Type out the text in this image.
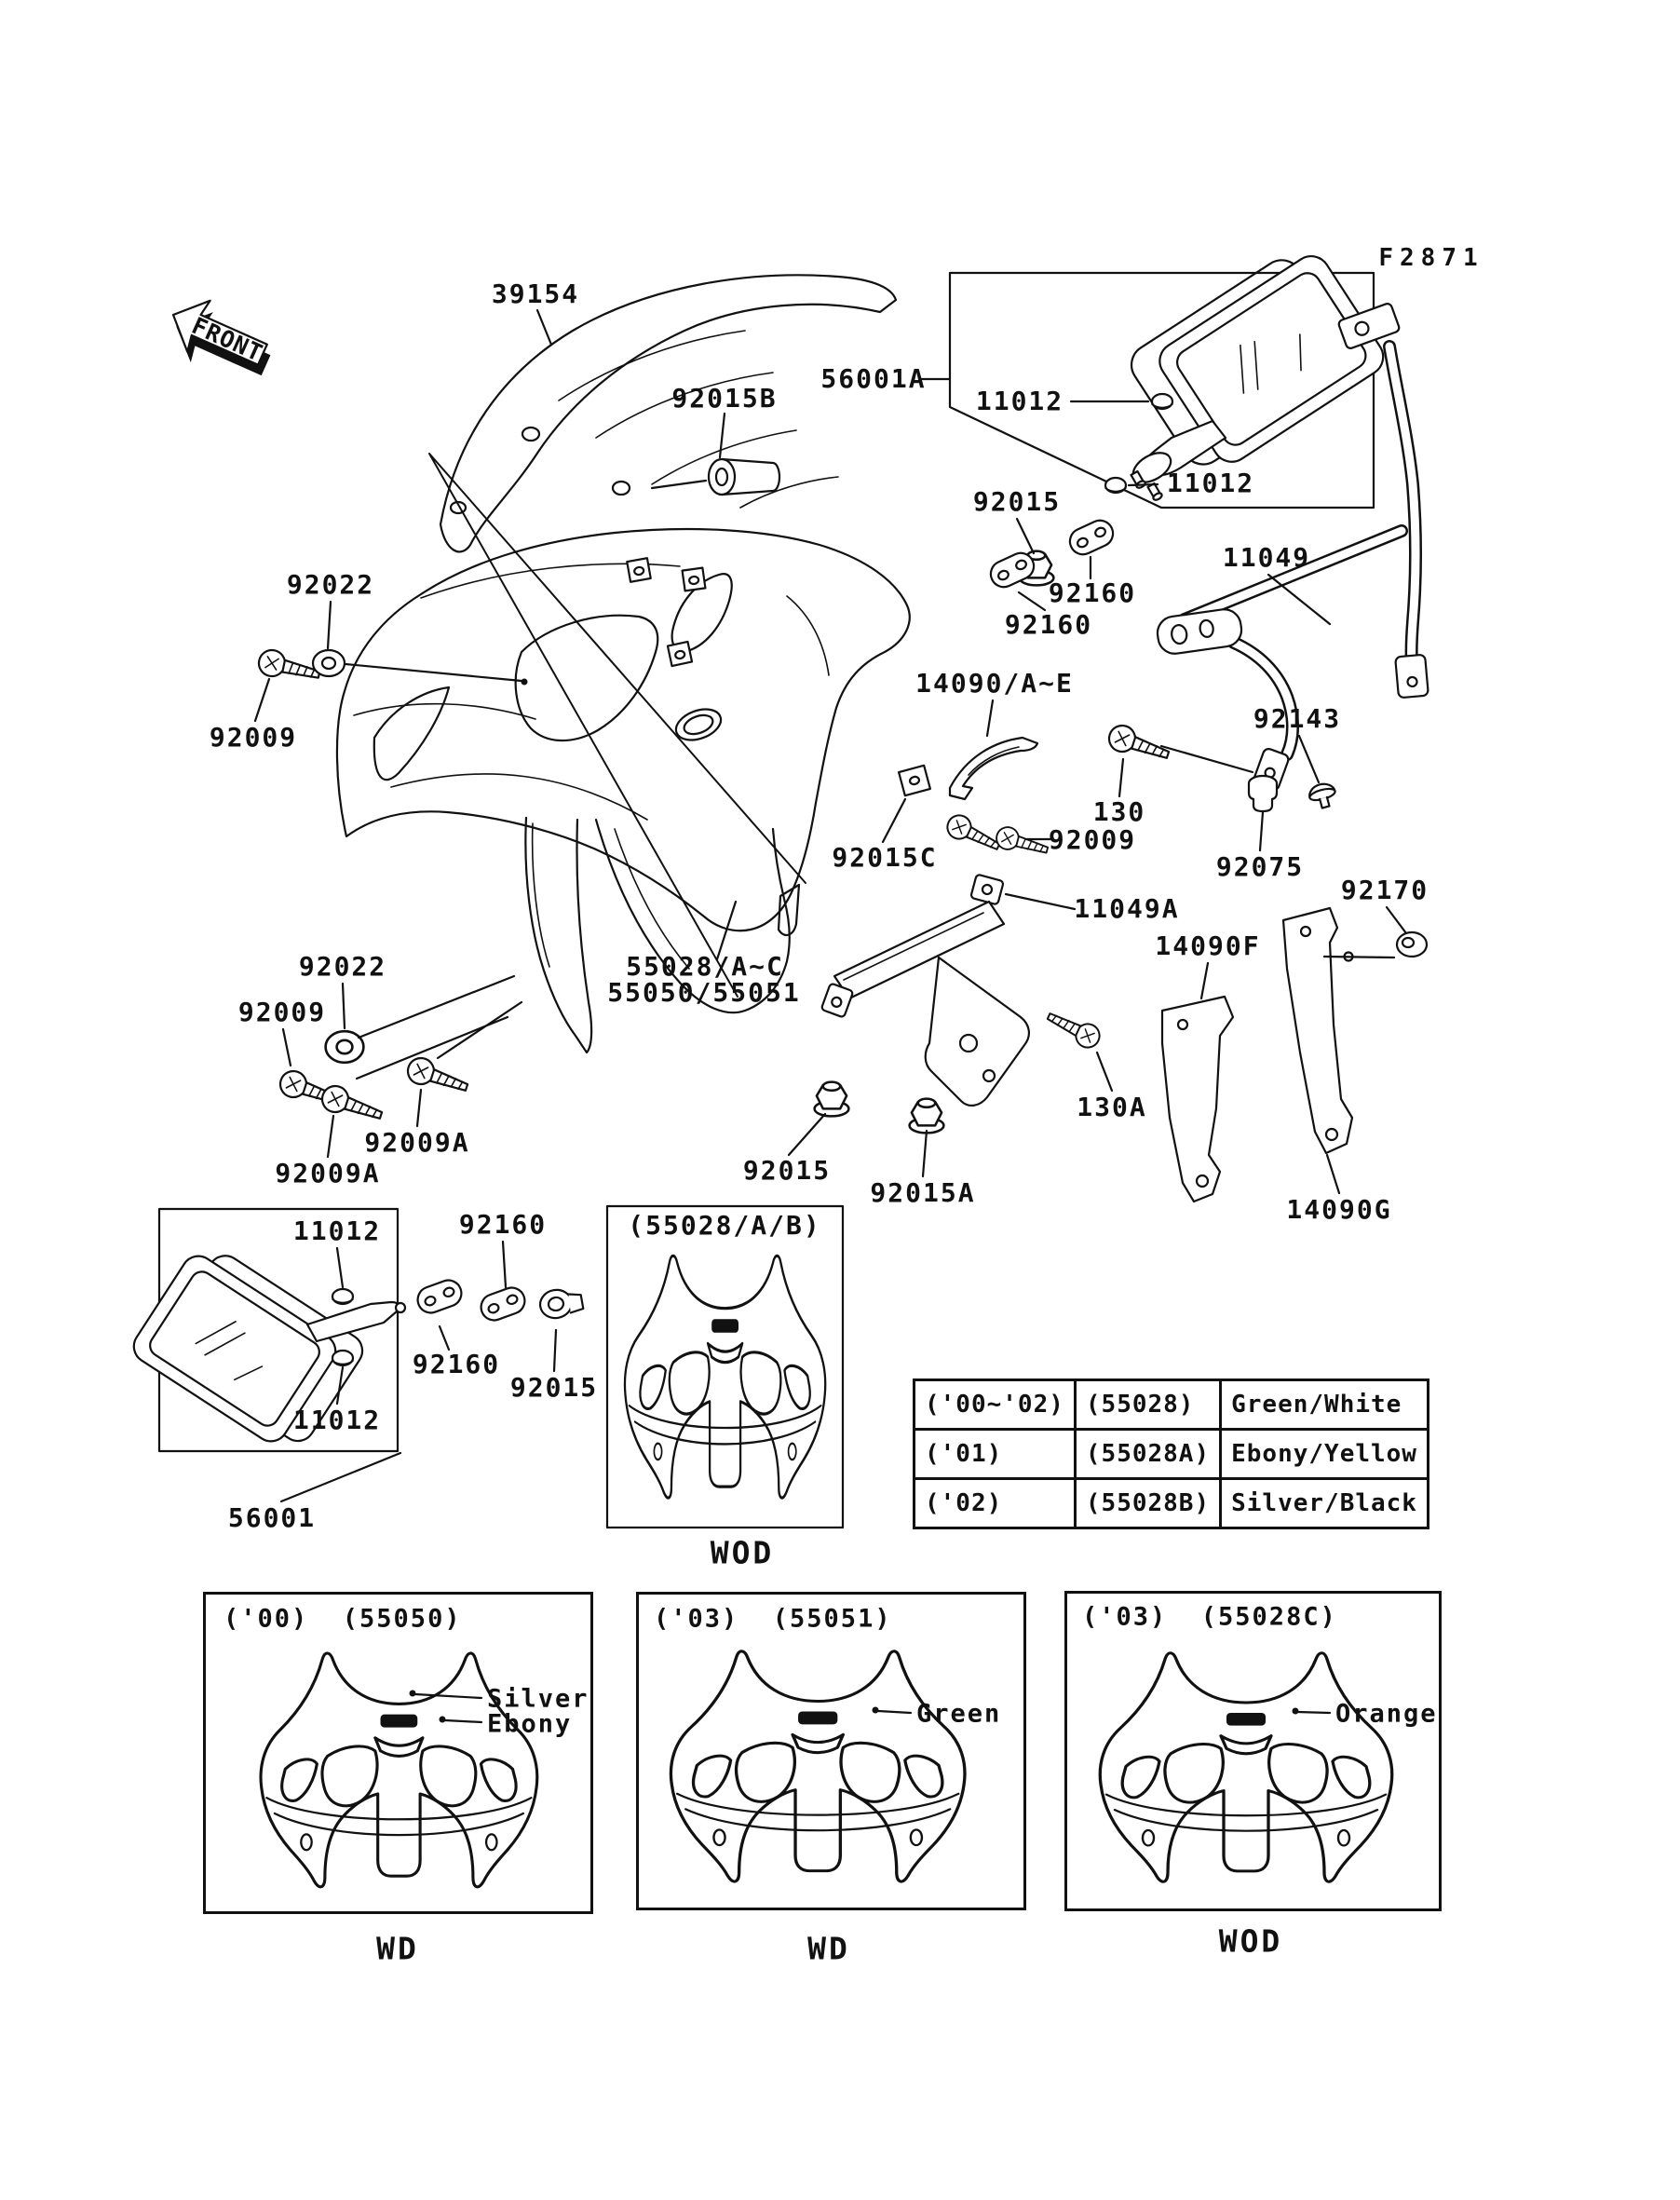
FRONT
39154
92015B
56001A
11012
11012
92015
92160
92160
11049
14090/A~E
92143
130
92009
92075
92015C
92170
11049A
14090F
130A
14090G
55028/A~C
55050/55051
92015
92015A
92022
92009
92022
92009
92009A
92009A
11012
11012
56001
92160
92160
92015
(55028/A/B)
WOD
F2871
('00~'02)	(55028)	Green/White
('01)	(55028A)	Ebony/Yellow
('02)	(55028B)	Silver/Black
('00)  (55050)
Silver
Ebony
WD
('03)  (55051)
Green
WD
('03)  (55028C)
Orange
WOD
